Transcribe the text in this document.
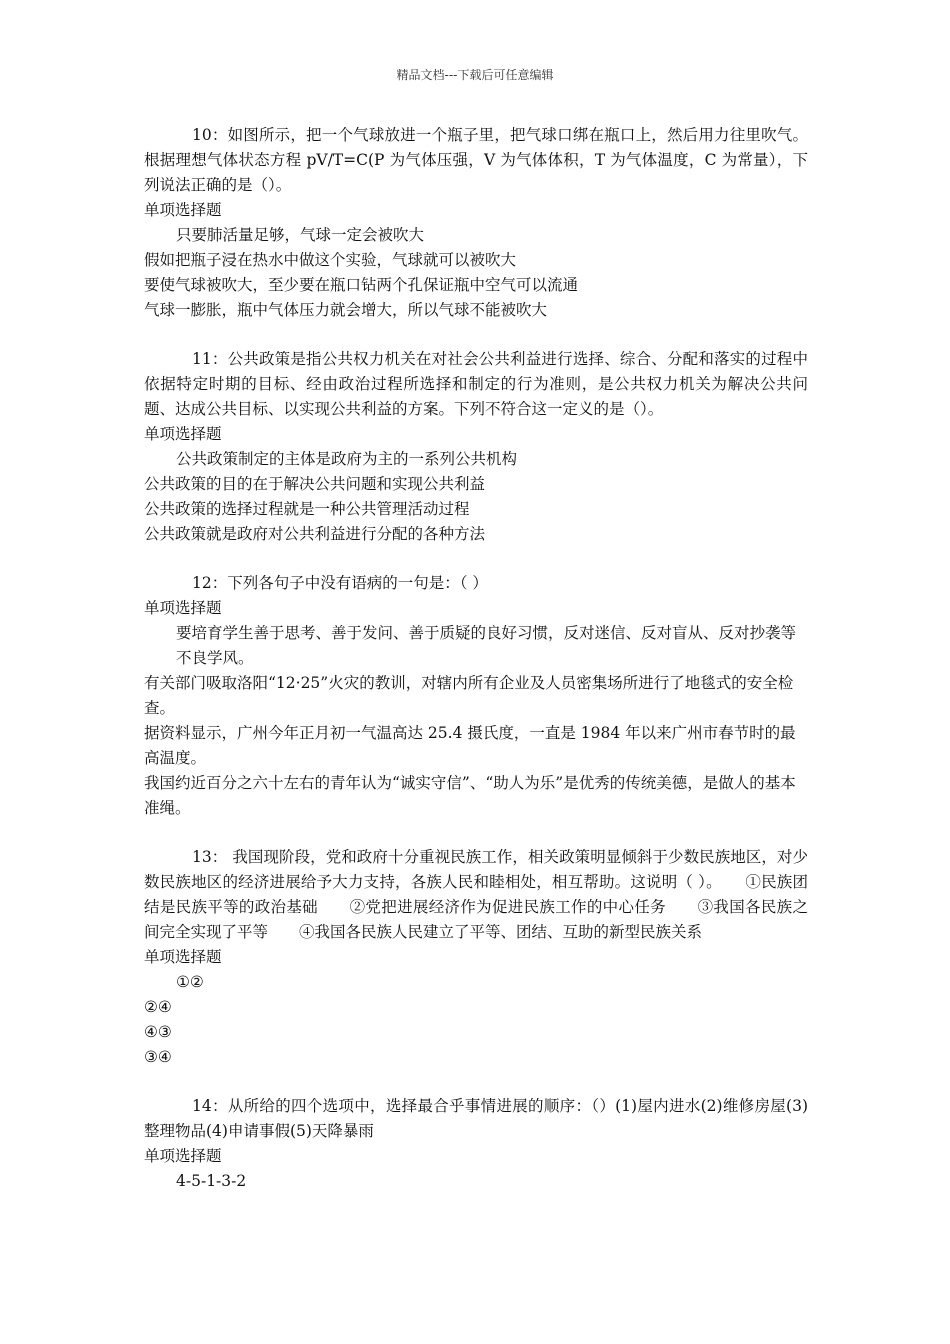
精品文档---下载后可任意编辑
10：如图所示，把一个气球放进一个瓶子里，把气球口绑在瓶口上，然后用力往里吹气。根据理想气体状态方程 pV/T=C(P 为气体压强，V 为气体体积，T 为气体温度，C 为常量），下列说法正确的是（）。
单项选择题
只要肺活量足够，气球一定会被吹大
假如把瓶子浸在热水中做这个实验，气球就可以被吹大
要使气球被吹大，至少要在瓶口钻两个孔保证瓶中空气可以流通
气球一膨胀，瓶中气体压力就会增大，所以气球不能被吹大
11：公共政策是指公共权力机关在对社会公共利益进行选择、综合、分配和落实的过程中依据特定时期的目标、经由政治过程所选择和制定的行为准则，是公共权力机关为解决公共问题、达成公共目标、以实现公共利益的方案。下列不符合这一定义的是（）。
单项选择题
公共政策制定的主体是政府为主的一系列公共机构
公共政策的目的在于解决公共问题和实现公共利益
公共政策的选择过程就是一种公共管理活动过程
公共政策就是政府对公共利益进行分配的各种方法
12：下列各句子中没有语病的一句是：（ ）
单项选择题
要培育学生善于思考、善于发问、善于质疑的良好习惯，反对迷信、反对盲从、反对抄袭等不良学风。
有关部门吸取洛阳“12·25”火灾的教训，对辖内所有企业及人员密集场所进行了地毯式的安全检查。
据资料显示，广州今年正月初一气温高达 25.4 摄氏度，一直是 1984 年以来广州市春节时的最高温度。
我国约近百分之六十左右的青年认为“诚实守信”、“助人为乐”是优秀的传统美德，是做人的基本准绳。
13： 我国现阶段，党和政府十分重视民族工作，相关政策明显倾斜于少数民族地区，对少数民族地区的经济进展给予大力支持，各族人民和睦相处，相互帮助。这说明（ ）。　　①民族团结是民族平等的政治基础　　②党把进展经济作为促进民族工作的中心任务　　③我国各民族之间完全实现了平等　　④我国各民族人民建立了平等、团结、互助的新型民族关系
单项选择题
①②
②④
④③
③④
14：从所给的四个选项中，选择最合乎事情进展的顺序：（）(1)屋内进水(2)维修房屋(3)整理物品(4)申请事假(5)天降暴雨
单项选择题
4-5-1-3-2
